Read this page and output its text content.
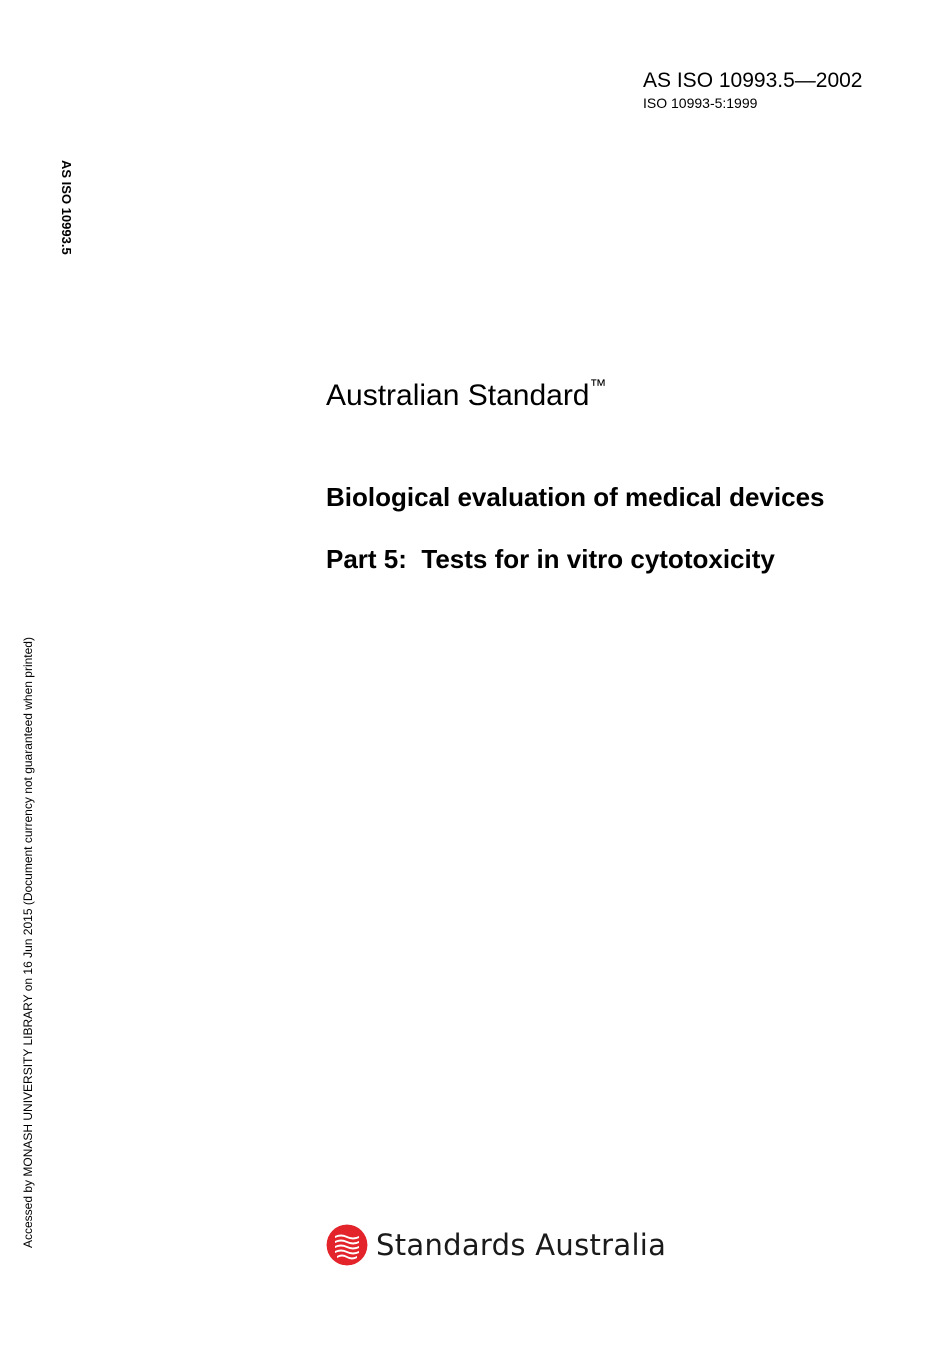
AS ISO 10993.5—2002
ISO 10993-5:1999
AS ISO 10993.5
Accessed by MONASH UNIVERSITY LIBRARY on 16 Jun 2015 (Document currency not guaranteed when printed)
Australian Standard™
Biological evaluation of medical devices
Part 5:  Tests for in vitro cytotoxicity
Standards Australia
